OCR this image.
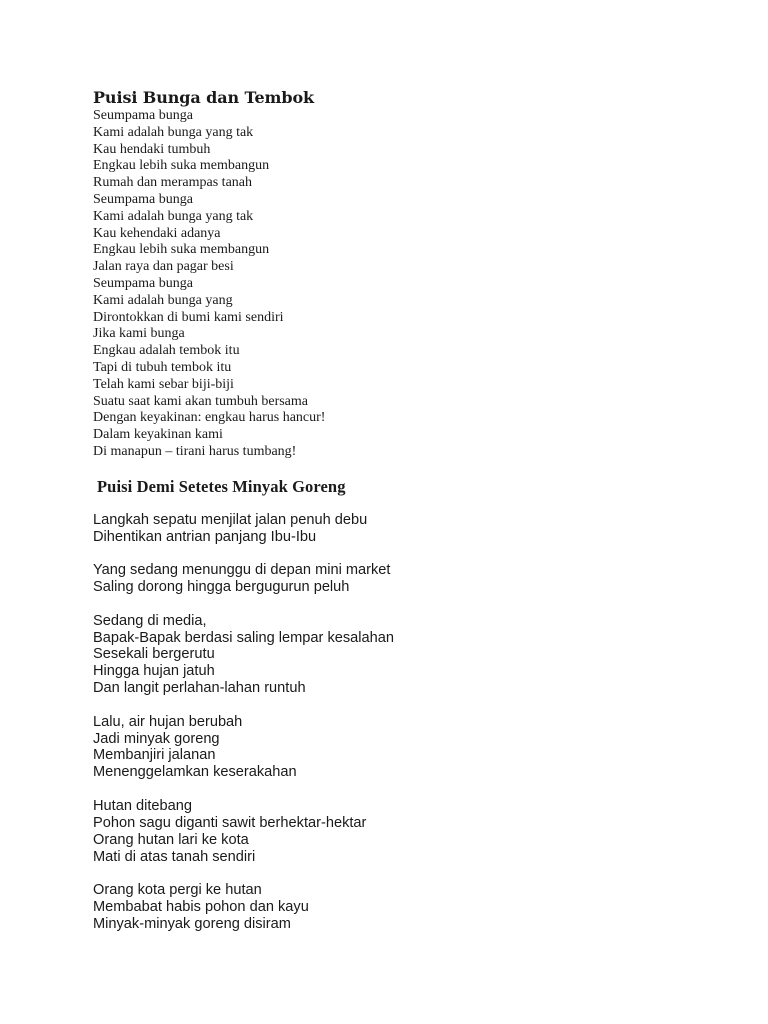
Puisi Bunga dan Tembok
Seumpama bunga
Kami adalah bunga yang tak
Kau hendaki tumbuh
Engkau lebih suka membangun
Rumah dan merampas tanah
Seumpama bunga
Kami adalah bunga yang tak
Kau kehendaki adanya
Engkau lebih suka membangun
Jalan raya dan pagar besi
Seumpama bunga
Kami adalah bunga yang
Dirontokkan di bumi kami sendiri
Jika kami bunga
Engkau adalah tembok itu
Tapi di tubuh tembok itu
Telah kami sebar biji-biji
Suatu saat kami akan tumbuh bersama
Dengan keyakinan: engkau harus hancur!
Dalam keyakinan kami
Di manapun – tirani harus tumbang!
Puisi Demi Setetes Minyak Goreng
Langkah sepatu menjilat jalan penuh debu
Dihentikan antrian panjang Ibu-Ibu
Yang sedang menunggu di depan mini market
Saling dorong hingga bergugurun peluh
Sedang di media,
Bapak-Bapak berdasi saling lempar kesalahan
Sesekali bergerutu
Hingga hujan jatuh
Dan langit perlahan-lahan runtuh
Lalu, air hujan berubah
Jadi minyak goreng
Membanjiri jalanan
Menenggelamkan keserakahan
Hutan ditebang
Pohon sagu diganti sawit berhektar-hektar
Orang hutan lari ke kota
Mati di atas tanah sendiri
Orang kota pergi ke hutan
Membabat habis pohon dan kayu
Minyak-minyak goreng disiram
